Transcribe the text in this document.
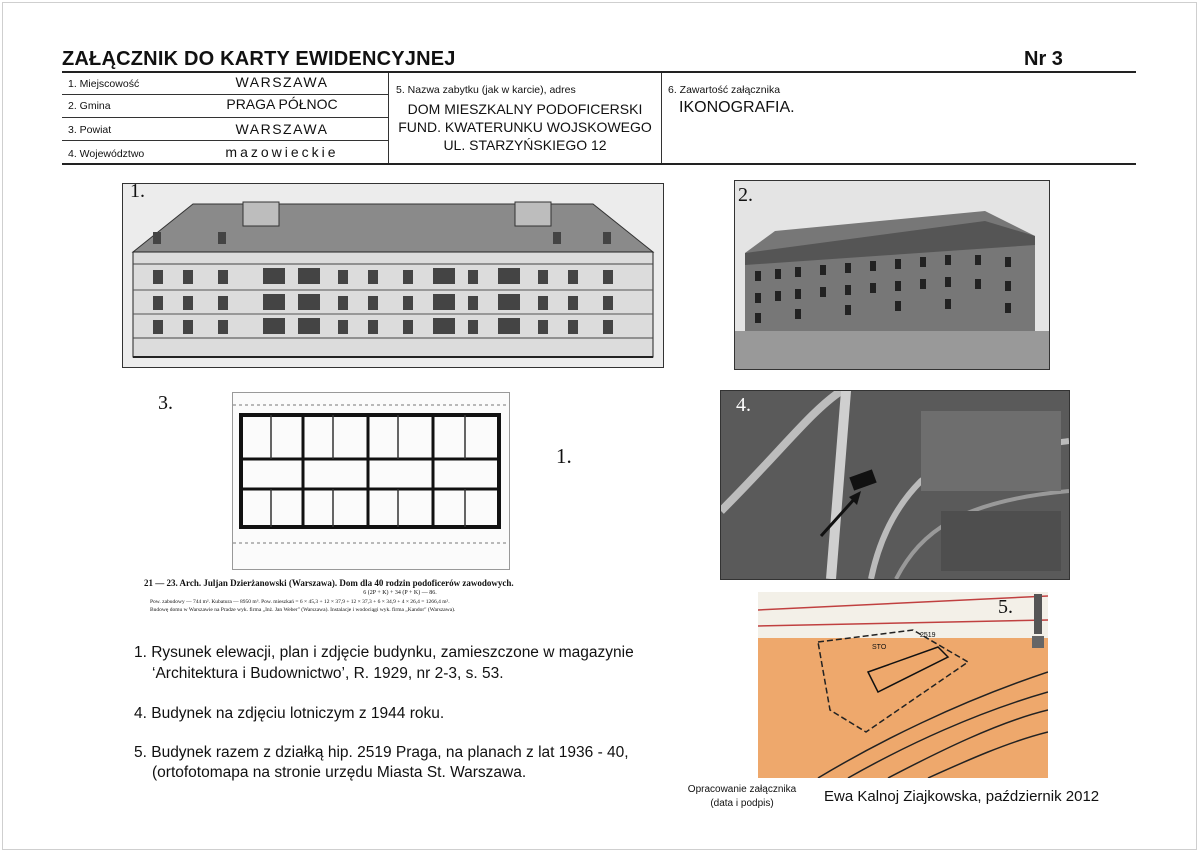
ZAŁĄCZNIK DO KARTY EWIDENCYJNEJ	Nr 3
1. Miejscowość	WARSZAWA
2. Gmina	PRAGA PÓŁNOC
3. Powiat	WARSZAWA
4. Województwo	mazowieckie
5. Nazwa zabytku (jak w karcie), adres
DOM MIESZKALNY PODOFICERSKI
FUND. KWATERUNKU WOJSKOWEGO
UL. STARZYŃSKIEGO 12
6. Zawartość załącznika
IKONOGRAFIA.
1.	2.
3.
1.
21 — 23. Arch. Juljan Dzierżanowski (Warszawa). Dom dla 40 rodzin podoficerów zawodowych.
6 (2P + K) + 34 (P + K) — 86.
Pow. zabudowy — 744 m². Kubatura — 8950 m³. Pow. mieszkań = 6 × 45,3 + 12 × 37,9 + 12 × 37,3 + 6 × 34,9 + 4 × 26,4 = 1266,4 m².
Budowę domu w Warszawie na Pradze wyk. firma „Inż. Jan Weber" (Warszawa). Instalacje i wodociągi wyk. firma „Kandor" (Warszawa).
4.
2519
STO
5.
1. Rysunek elewacji, plan i zdjęcie budynku, zamieszczone w magazynie
‘Architektura i Budownictwo’, R. 1929, nr 2-3, s. 53.
4. Budynek na zdjęciu lotniczym z 1944 roku.
5. Budynek razem z działką hip. 2519 Praga, na planach z lat 1936 - 40,
(ortofotomapa na stronie urzędu Miasta St. Warszawa.
Opracowanie załącznika
(data i podpis)	Ewa Kalnoj Ziajkowska, październik 2012
